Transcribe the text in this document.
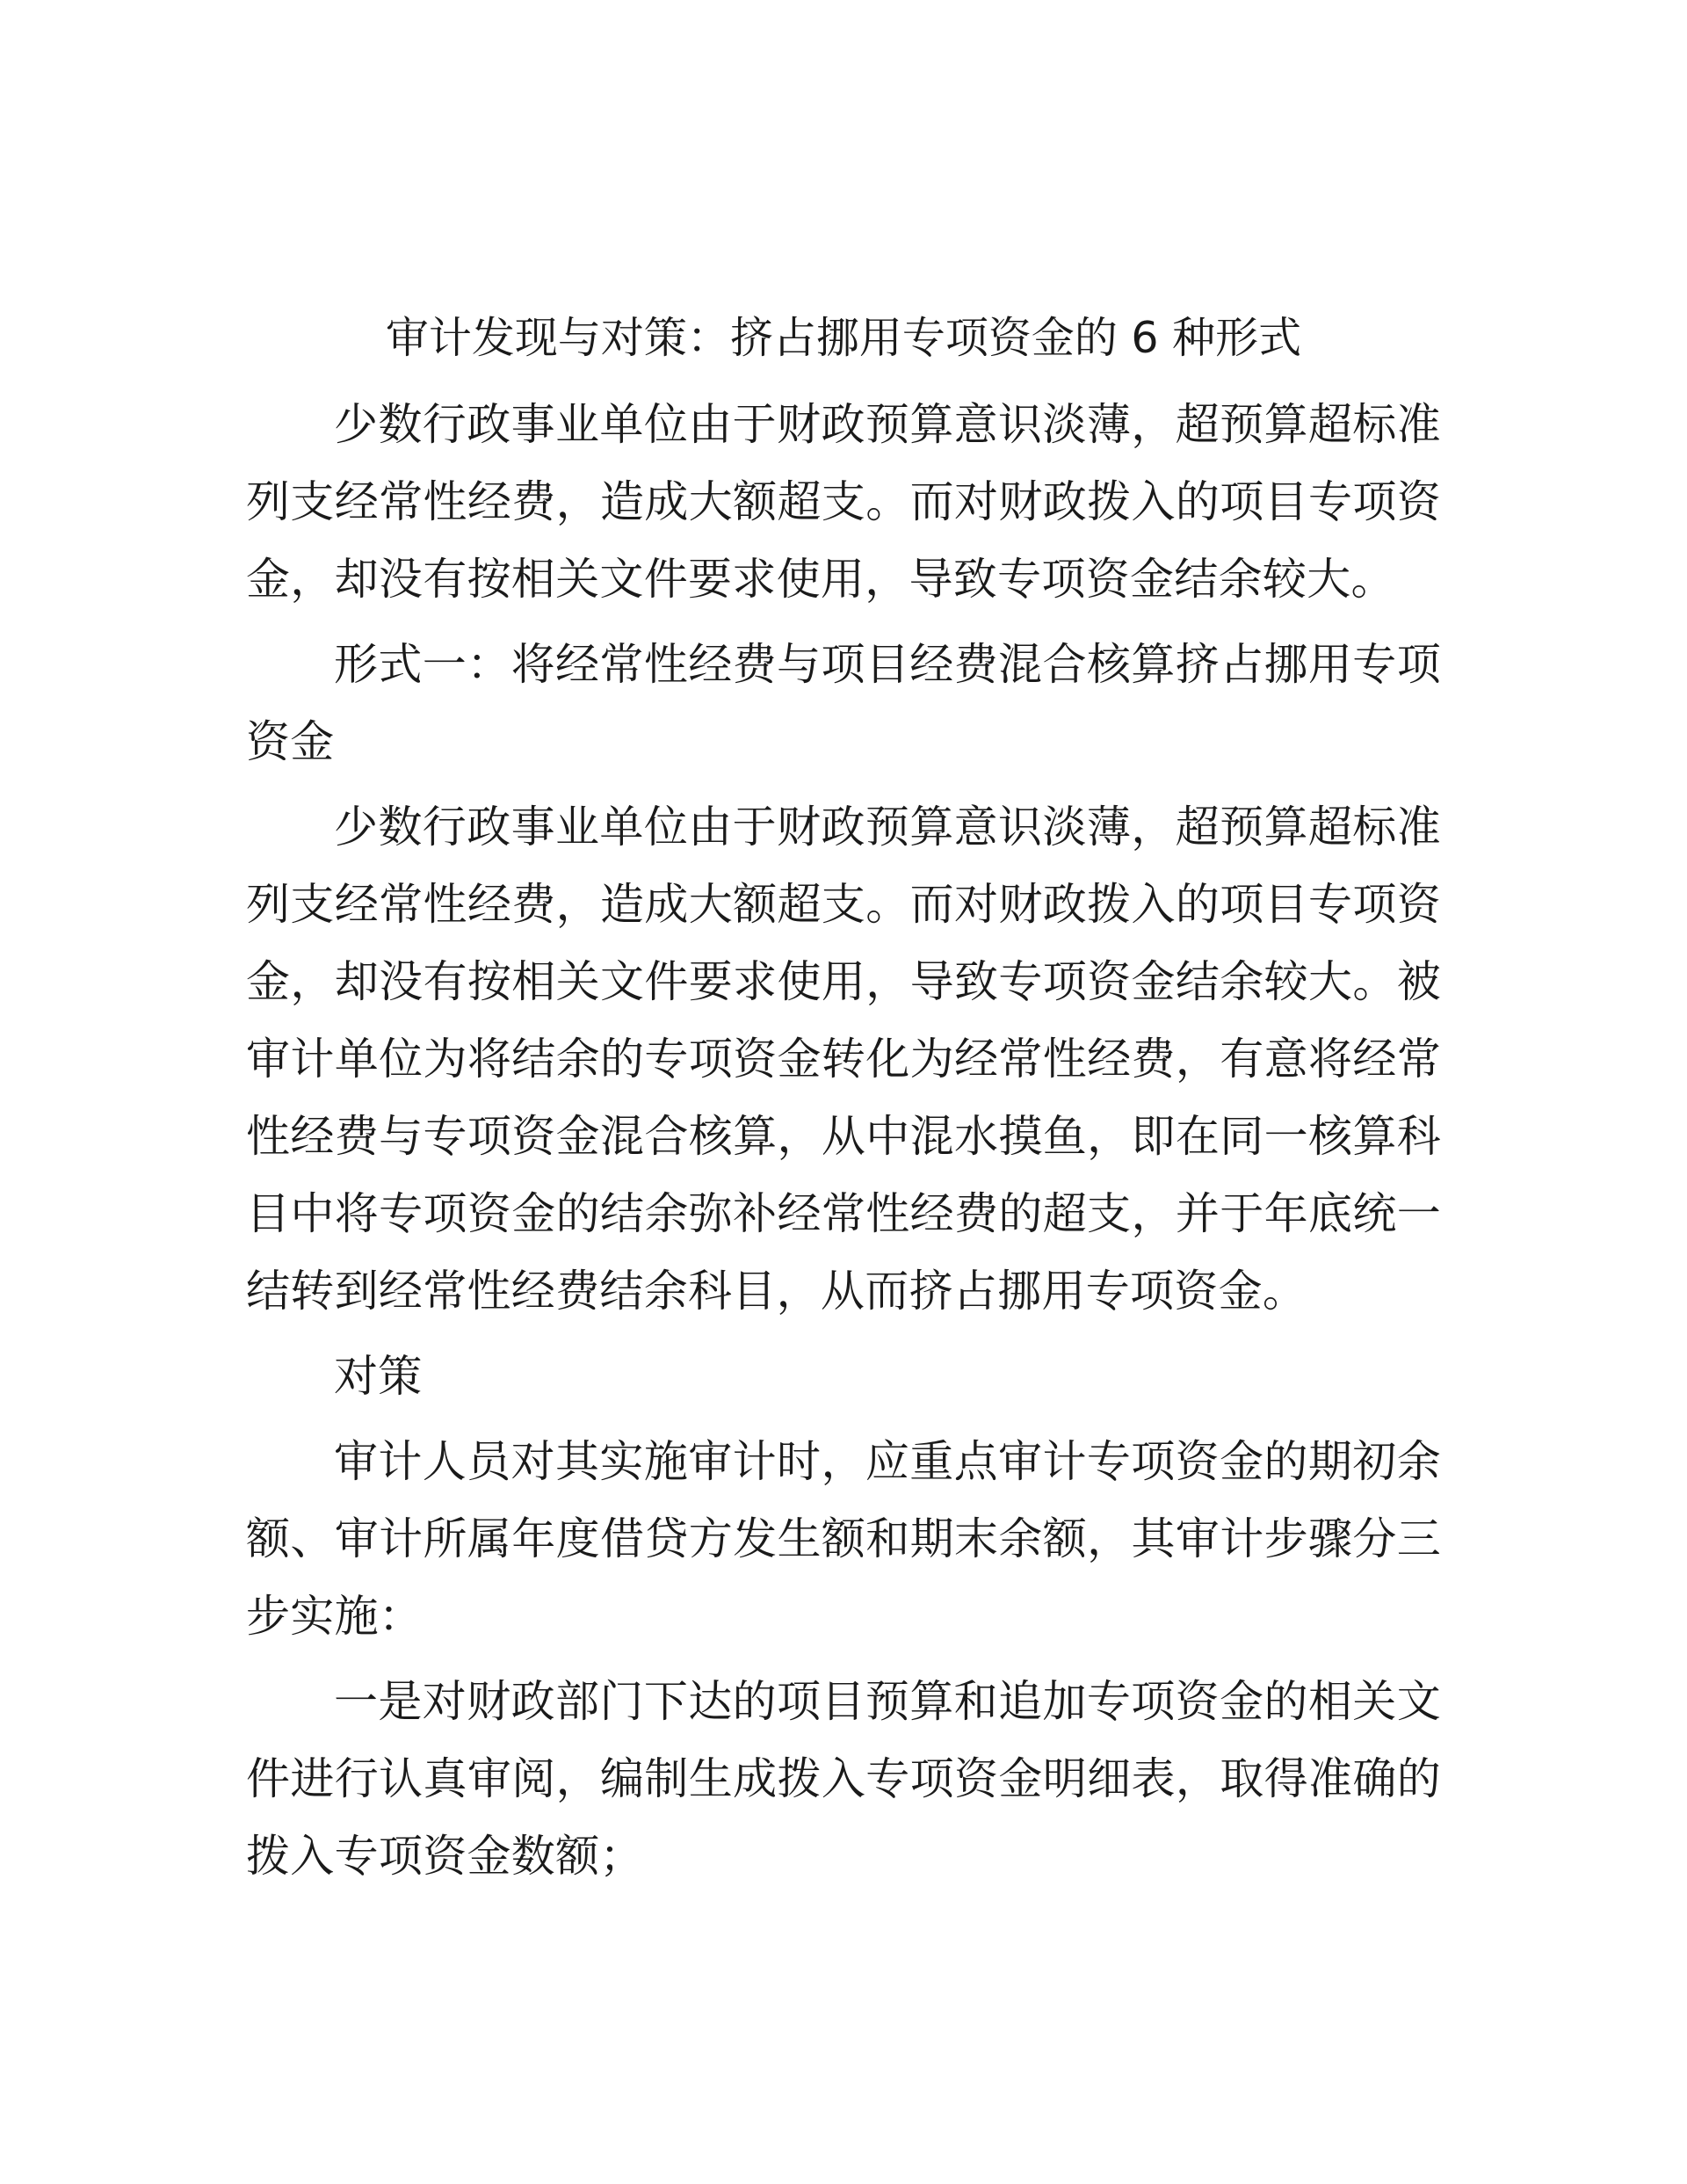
审计发现与对策：挤占挪用专项资金的 6 种形式

少数行政事业单位由于财政预算意识淡薄，超预算超标准列支经常性经费，造成大额超支。而对财政拨入的项目专项资金，却没有按相关文件要求使用，导致专项资金结余较大。

形式一：将经常性经费与项目经费混合核算挤占挪用专项资金

少数行政事业单位由于财政预算意识淡薄，超预算超标准列支经常性经费，造成大额超支。而对财政拨入的项目专项资金，却没有按相关文件要求使用，导致专项资金结余较大。被审计单位为将结余的专项资金转化为经常性经费，有意将经常性经费与专项资金混合核算，从中混水摸鱼，即在同一核算科目中将专项资金的结余弥补经常性经费的超支，并于年底统一结转到经常性经费结余科目，从而挤占挪用专项资金。

对策

审计人员对其实施审计时，应重点审计专项资金的期初余额、审计所属年度借贷方发生额和期末余额，其审计步骤分三步实施：

一是对财政部门下达的项目预算和追加专项资金的相关文件进行认真审阅，编制生成拨入专项资金明细表，取得准确的拨入专项资金数额；
